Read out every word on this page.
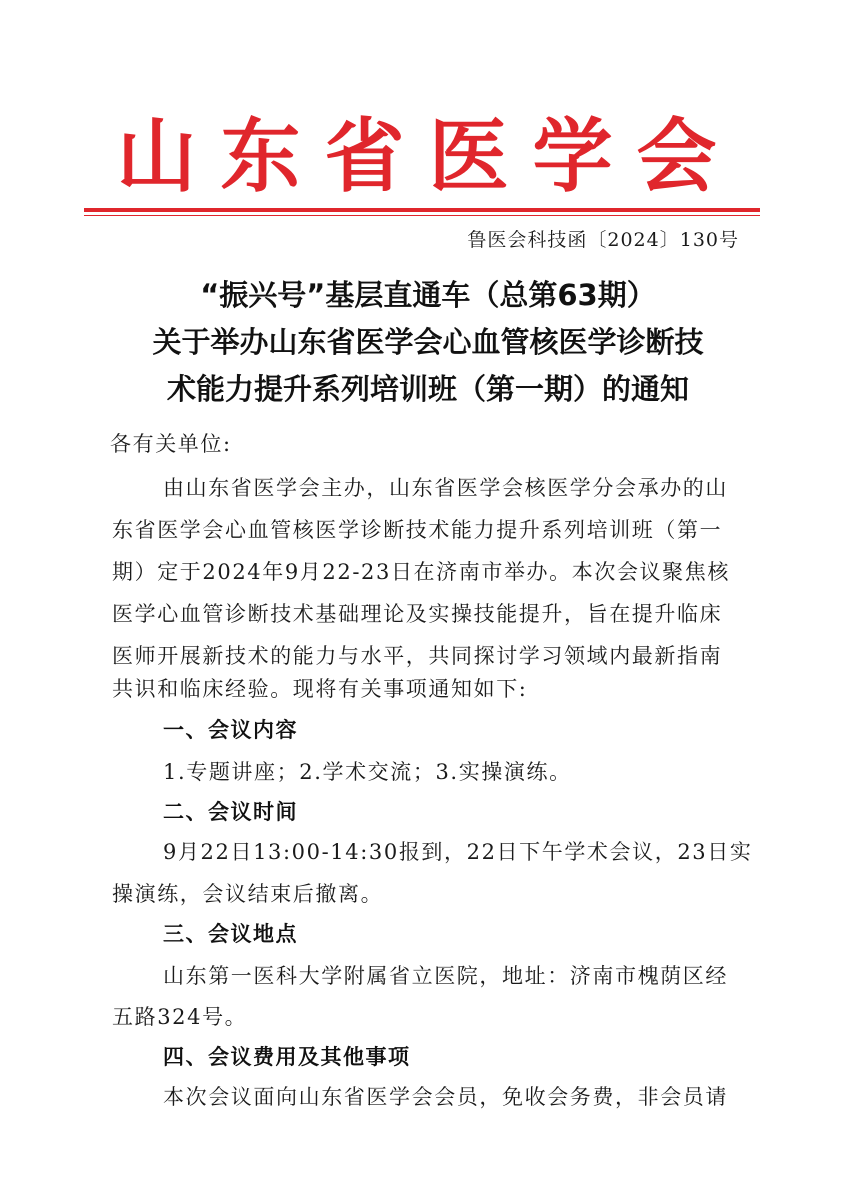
山东省医学会
鲁医会科技函〔2024〕130号
“振兴号”基层直通车（总第63期）
关于举办山东省医学会心血管核医学诊断技
术能力提升系列培训班（第一期）的通知
各有关单位:
由山东省医学会主办，山东省医学会核医学分会承办的山
东省医学会心血管核医学诊断技术能力提升系列培训班（第一
期）定于2024年9月22-23日在济南市举办。本次会议聚焦核
医学心血管诊断技术基础理论及实操技能提升，旨在提升临床
医师开展新技术的能力与水平，共同探讨学习领域内最新指南
共识和临床经验。现将有关事项通知如下:
一、会议内容
1.专题讲座；2.学术交流；3.实操演练。
二、会议时间
9月22日13:00-14:30报到，22日下午学术会议，23日实
操演练，会议结束后撤离。
三、会议地点
山东第一医科大学附属省立医院，地址：济南市槐荫区经
五路324号。
四、会议费用及其他事项
本次会议面向山东省医学会会员，免收会务费，非会员请
